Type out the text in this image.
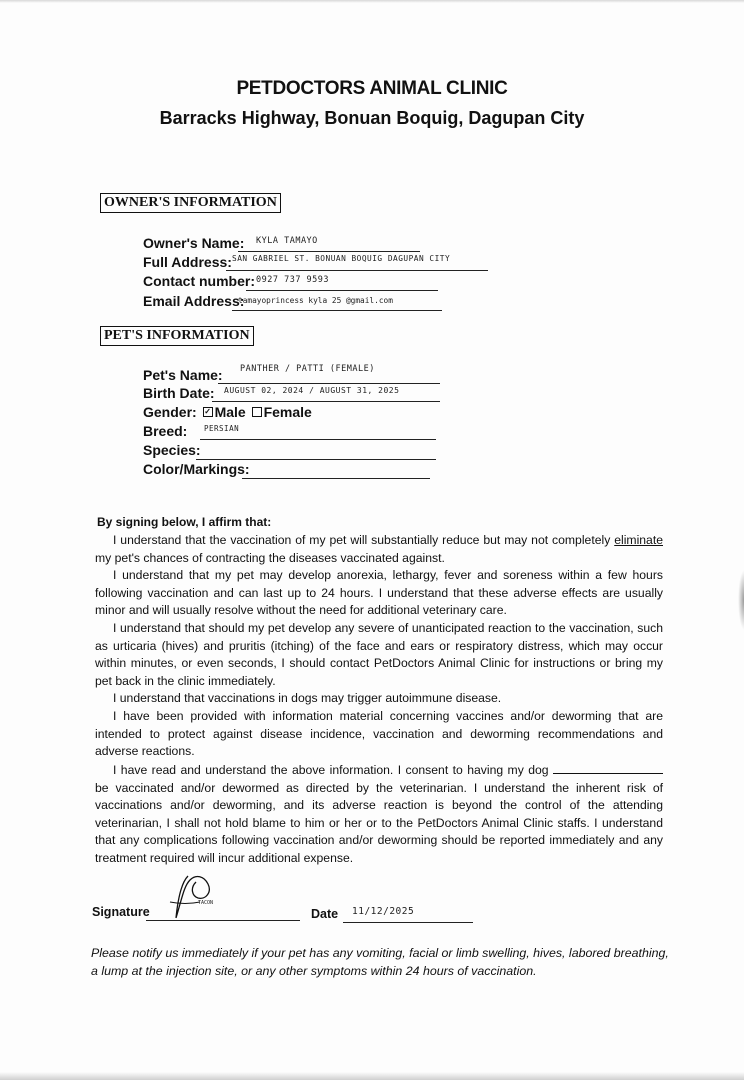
PETDOCTORS ANIMAL CLINIC
Barracks Highway, Bonuan Boquig, Dagupan City
OWNER'S INFORMATION
Owner's Name: KYLA TAMAYO
Full Address: SAN GABRIEL ST. BONUAN BOQUIG DAGUPAN CITY
Contact number: 0927 737 9593
Email Address:
tamayoprincess kyla 25 @gmail.com
PET'S INFORMATION
Pet's Name: PANTHER / PATTI (FEMALE)
Birth Date: AUGUST 02, 2024 / AUGUST 31, 2025
Gender: ✓ Male Female
Breed: PERSIAN
Species:
Color/Markings:
By signing below, I affirm that:
I understand that the vaccination of my pet will substantially reduce but may not completely eliminate my pet's chances of contracting the diseases vaccinated against.
I understand that my pet may develop anorexia, lethargy, fever and soreness within a few hours following vaccination and can last up to 24 hours. I understand that these adverse effects are usually minor and will usually resolve without the need for additional veterinary care.
I understand that should my pet develop any severe of unanticipated reaction to the vaccination, such as urticaria (hives) and pruritis (itching) of the face and ears or respiratory distress, which may occur within minutes, or even seconds, I should contact PetDoctors Animal Clinic for instructions or bring my pet back in the clinic immediately.
I understand that vaccinations in dogs may trigger autoimmune disease.
I have been provided with information material concerning vaccines and/or deworming that are intended to protect against disease incidence, vaccination and deworming recommendations and adverse reactions.
I have read and understand the above information. I consent to having my dog  be vaccinated and/or dewormed as directed by the veterinarian. I understand the inherent risk of vaccinations and/or deworming, and its adverse reaction is beyond the control of the attending veterinarian, I shall not hold blame to him or her or to the PetDoctors Animal Clinic staffs. I understand that any complications following vaccination and/or deworming should be reported immediately and any treatment required will incur additional expense.
Signature
TACON
Date 11/12/2025
Please notify us immediately if your pet has any vomiting, facial or limb swelling, hives, labored breathing, a lump at the injection site, or any other symptoms within 24 hours of vaccination.
